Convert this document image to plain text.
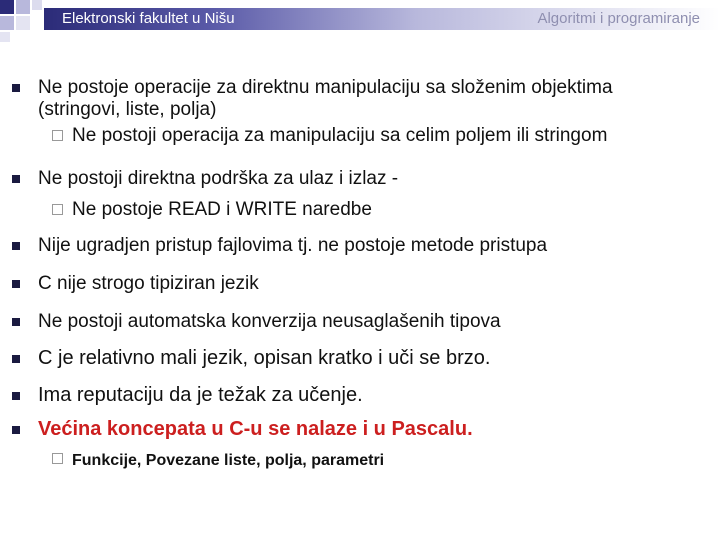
Elektronski fakultet u Nišu	Algoritmi i programiranje
Ne postoje operacije za direktnu manipulaciju sa složenim objektima
(stringovi, liste, polja)
Ne postoji operacija za manipulaciju sa celim poljem ili stringom
Ne postoji direktna podrška za ulaz i izlaz -
Ne postoje READ i WRITE naredbe
Nije ugradjen pristup fajlovima tj. ne postoje metode pristupa
C nije strogo tipiziran jezik
Ne postoji automatska konverzija neusaglašenih tipova
C je relativno mali jezik, opisan kratko i uči se brzo.
Ima reputaciju da je težak za učenje.
Većina koncepata u C-u se nalaze i u Pascalu.
Funkcije, Povezane liste, polja, parametri
